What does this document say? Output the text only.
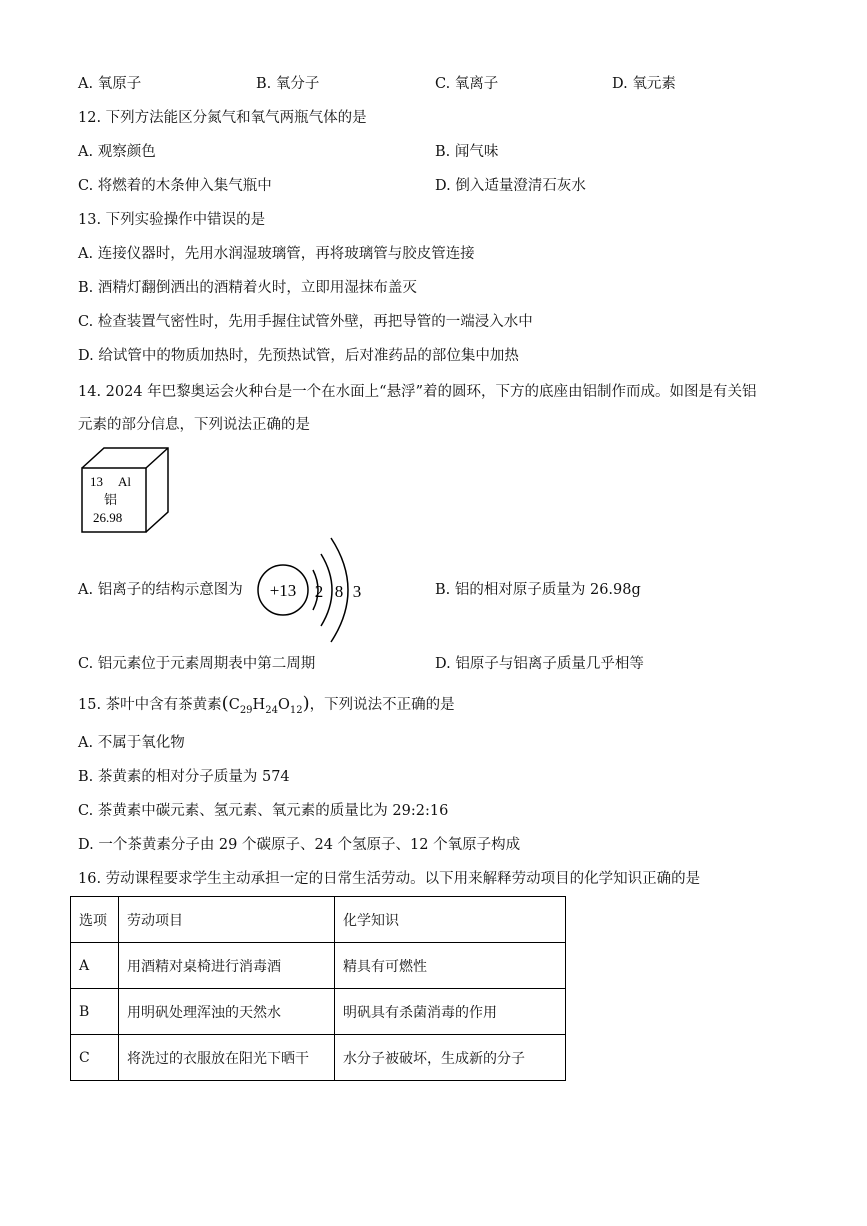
A. 氧原子	B. 氧分子	C. 氧离子	D. 氧元素
12. 下列方法能区分氮气和氧气两瓶气体的是
A. 观察颜色	B. 闻气味
C. 将燃着的木条伸入集气瓶中	D. 倒入适量澄清石灰水
13. 下列实验操作中错误的是
A. 连接仪器时，先用水润湿玻璃管，再将玻璃管与胶皮管连接
B. 酒精灯翻倒洒出的酒精着火时，立即用湿抹布盖灭
C. 检查装置气密性时，先用手握住试管外壁，再把导管的一端浸入水中
D. 给试管中的物质加热时，先预热试管，后对准药品的部位集中加热
14. 2024 年巴黎奥运会火种台是一个在水面上“悬浮”着的圆环，下方的底座由铝制作而成。如图是有关铝
元素的部分信息，下列说法正确的是
13 Al
铝
26.98
A. 铝离子的结构示意图为 +13 2 8 3	B. 铝的相对原子质量为 26.98g
C. 铝元素位于元素周期表中第二周期	D. 铝原子与铝离子质量几乎相等
15. 茶叶中含有茶黄素$(C_{29}H_{24}O_{12})$，下列说法不正确的是
A. 不属于氧化物
B. 茶黄素的相对分子质量为 574
C. 茶黄素中碳元素、氢元素、氧元素的质量比为 29:2:16
D. 一个茶黄素分子由 29 个碳原子、24 个氢原子、12 个氧原子构成
16. 劳动课程要求学生主动承担一定的日常生活劳动。以下用来解释劳动项目的化学知识正确的是
选项	劳动项目	化学知识
A	用酒精对桌椅进行消毒酒	精具有可燃性
B	用明矾处理浑浊的天然水	明矾具有杀菌消毒的作用
C	将洗过的衣服放在阳光下晒干	水分子被破坏，生成新的分子
